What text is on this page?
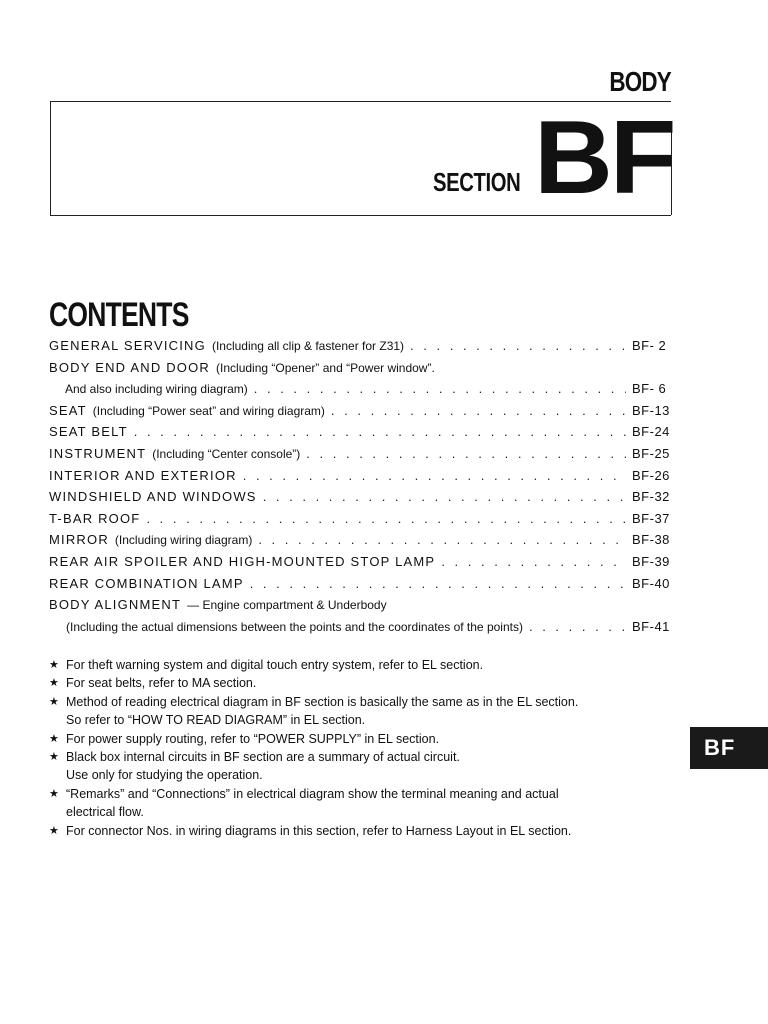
BODY
SECTION BF
CONTENTS
GENERAL SERVICING (Including all clip & fastener for Z31) . . .	BF- 2
BODY END AND DOOR (Including “Opener” and “Power window”.
And also including wiring diagram) . . .	BF- 6
SEAT (Including “Power seat” and wiring diagram) . . .	BF-13
SEAT BELT . . .	BF-24
INSTRUMENT (Including “Center console”) . . .	BF-25
INTERIOR AND EXTERIOR . . .	BF-26
WINDSHIELD AND WINDOWS . . .	BF-32
T-BAR ROOF . . .	BF-37
MIRROR (Including wiring diagram) . . .	BF-38
REAR AIR SPOILER AND HIGH-MOUNTED STOP LAMP . . .	BF-39
REAR COMBINATION LAMP . . .	BF-40
BODY ALIGNMENT — Engine compartment & Underbody
(Including the actual dimensions between the points and the coordinates of the points) . . .	BF-41
★ For theft warning system and digital touch entry system, refer to EL section.
★ For seat belts, refer to MA section.
★ Method of reading electrical diagram in BF section is basically the same as in the EL section.
So refer to “HOW TO READ DIAGRAM” in EL section.
★ For power supply routing, refer to “POWER SUPPLY” in EL section.
★ Black box internal circuits in BF section are a summary of actual circuit.
Use only for studying the operation.
★ “Remarks” and “Connections” in electrical diagram show the terminal meaning and actual
electrical flow.
★ For connector Nos. in wiring diagrams in this section, refer to Harness Layout in EL section.
BF
